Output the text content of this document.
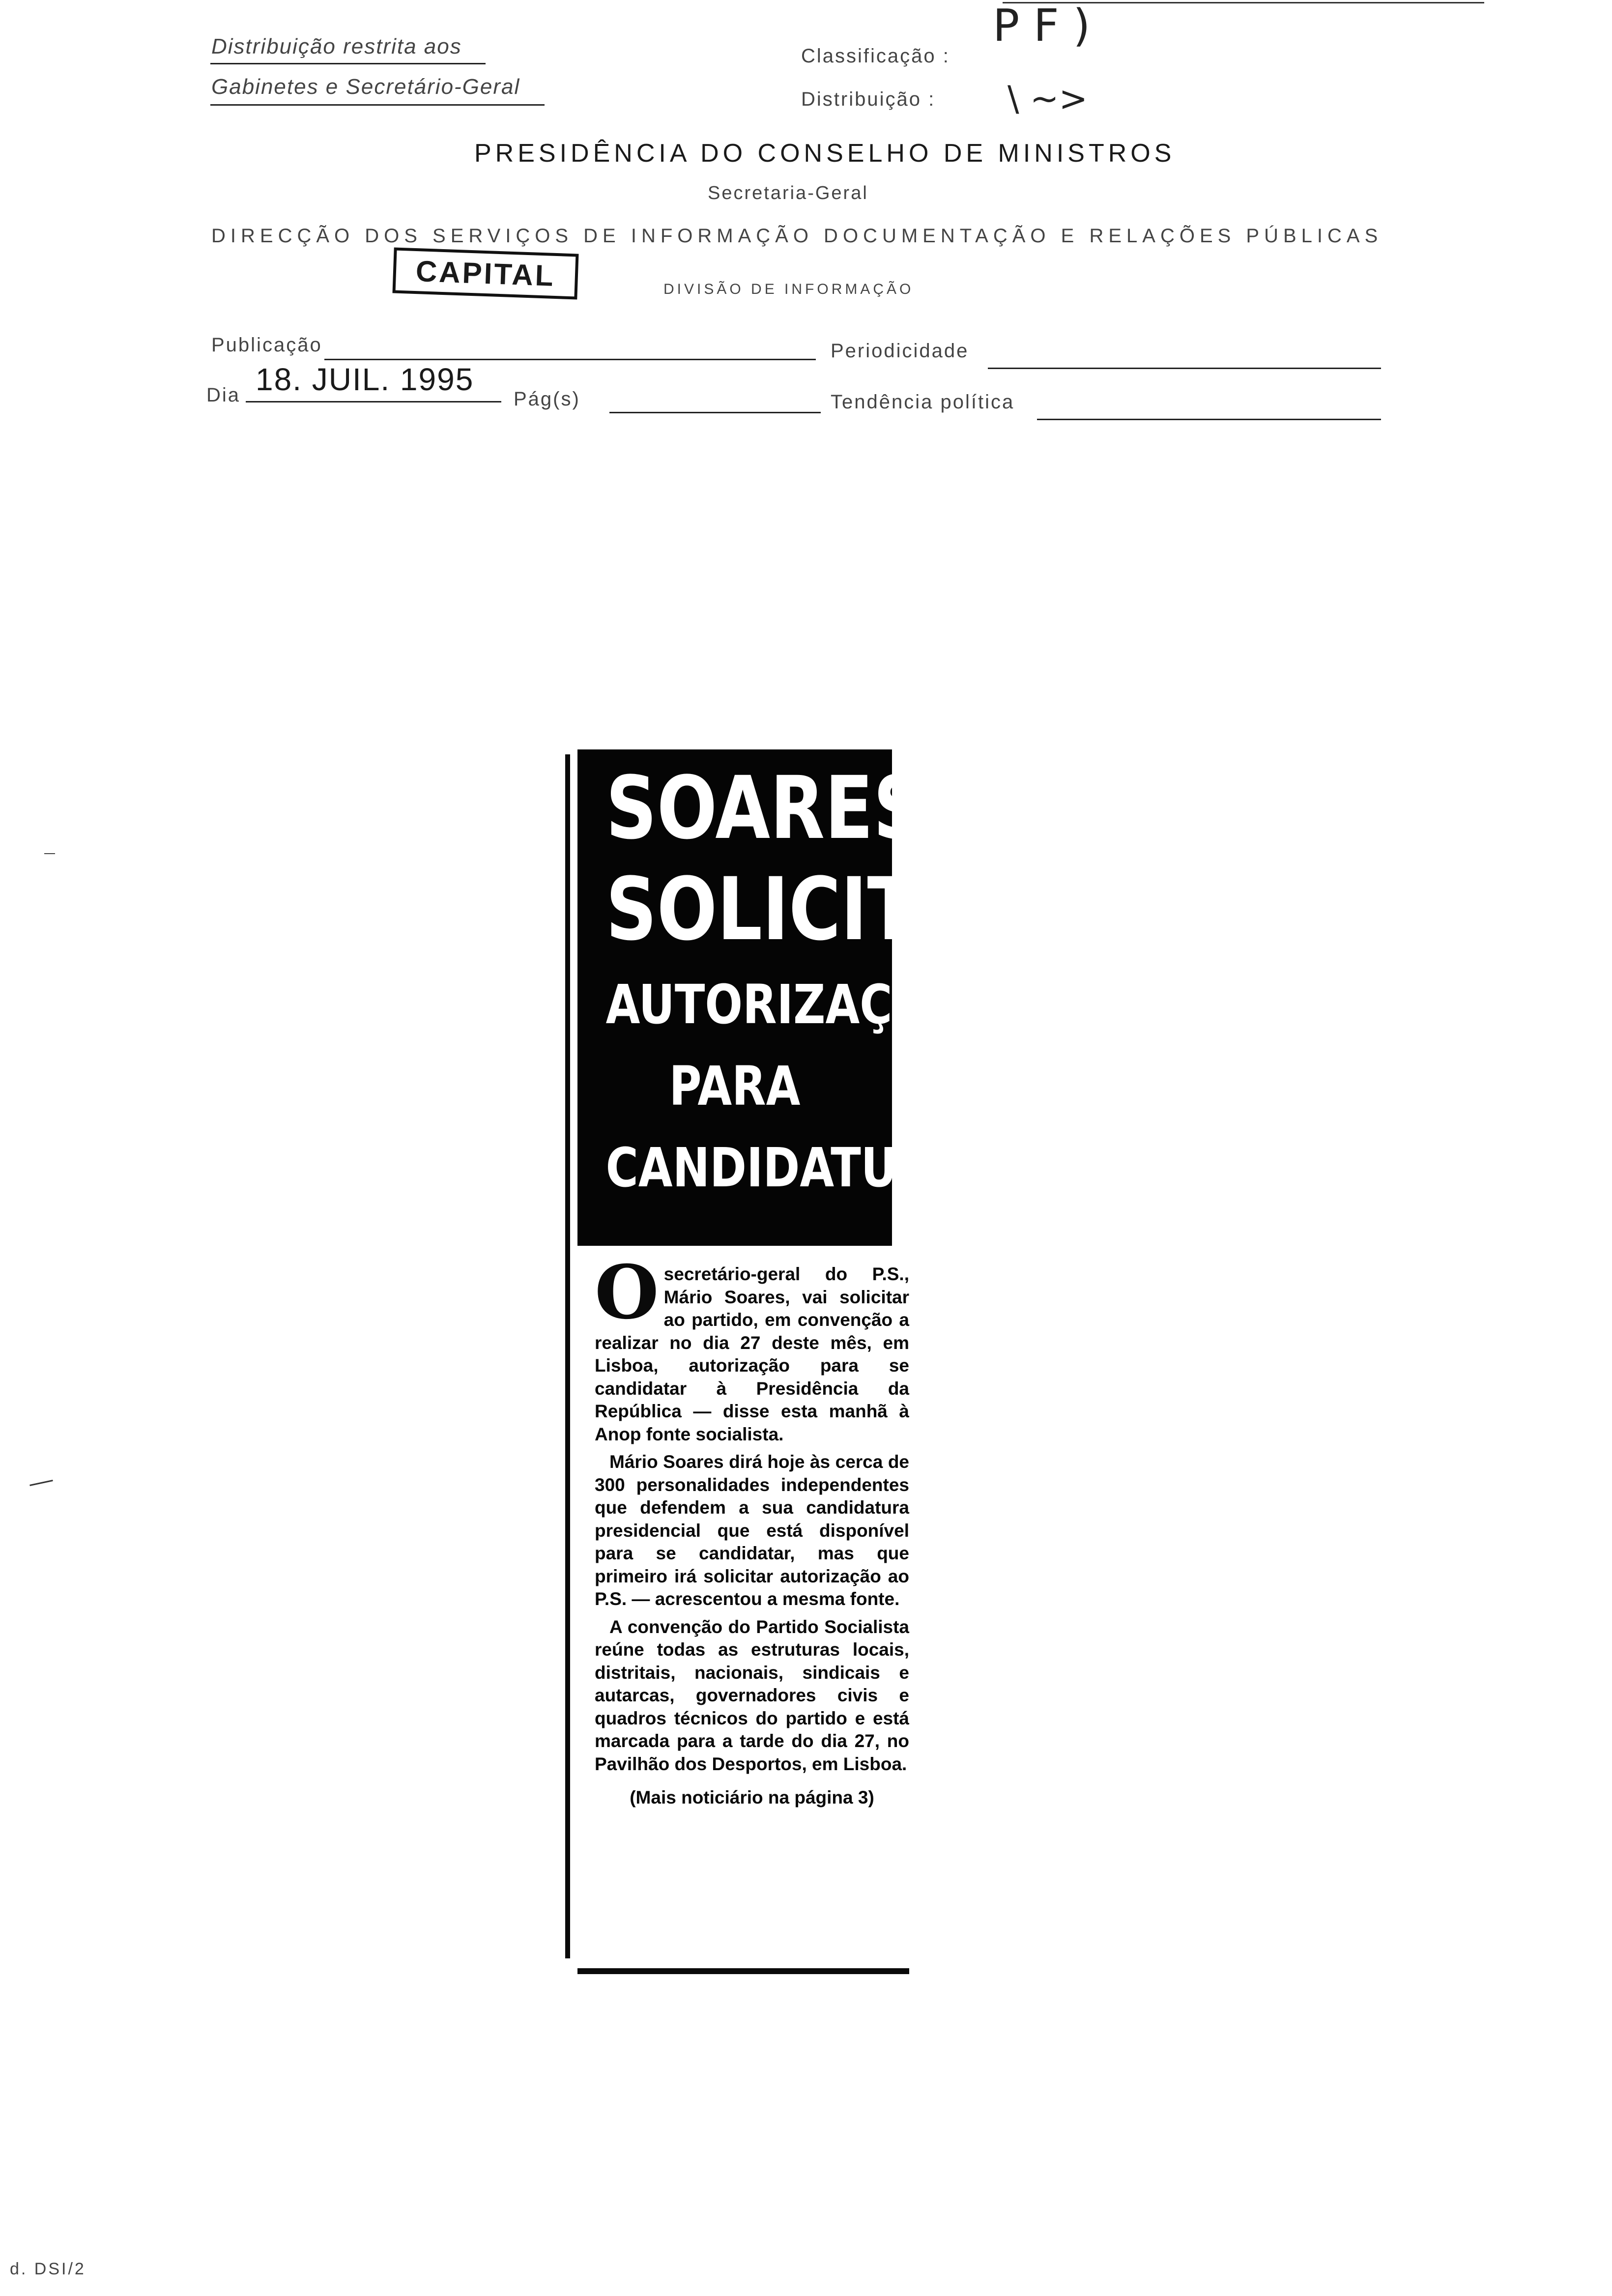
Distribuição restrita aos
Gabinetes e Secretário-Geral
Classificação :
Distribuição :
P F )
\ ~>
PRESIDÊNCIA DO CONSELHO DE MINISTROS
Secretaria-Geral
DIRECÇÃO DOS SERVIÇOS DE INFORMAÇÃO DOCUMENTAÇÃO E RELAÇÕES PÚBLICAS
CAPITAL	DIVISÃO DE INFORMAÇÃO
Publicação	Periodicidade
Dia 18. JUIL. 1995
Pág(s)	Tendência política
SOARES
SOLICITA
AUTORIZAÇÃO
PARA
CANDIDATURA

Osecretário-geral do P.S., Mário Soares, vai solicitar ao partido, em convenção a realizar no dia 27 deste mês, em Lisboa, autorização para se candidatar à Presidência da República — disse esta manhã à Anop fonte socialista.

Mário Soares dirá hoje às cerca de 300 personalidades independentes que defendem a sua candidatura presidencial que está disponível para se candidatar, mas que primeiro irá solicitar autorização ao P.S. — acrescentou a mesma fonte.

A convenção do Partido Socialista reúne todas as estruturas locais, distritais, nacionais, sindicais e autarcas, governadores civis e quadros técnicos do partido e está marcada para a tarde do dia 27, no Pavilhão dos Desportos, em Lisboa.

(Mais noticiário na página 3)

d. DSI/2
